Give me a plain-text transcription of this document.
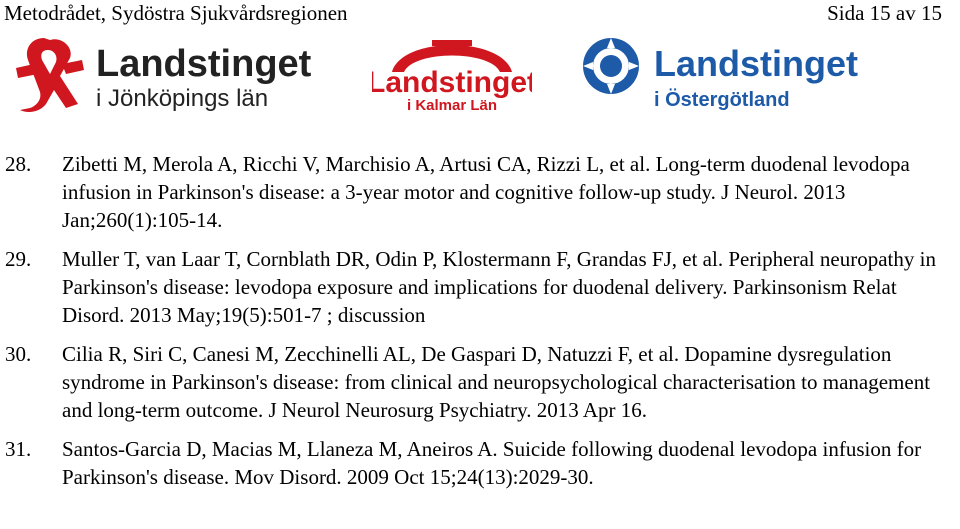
Metodrådet, Sydöstra Sjukvårdsregionen	Sida 15 av 15
Landstinget
i Jönköpings län	Landstinget
i Kalmar Län
Landstinget
i Östergötland
28. Zibetti M, Merola A, Ricchi V, Marchisio A, Artusi CA, Rizzi L, et al. Long-term duodenal levodopa infusion in Parkinson's disease: a 3-year motor and cognitive follow-up study. J Neurol. 2013 Jan;260(1):105-14.
29. Muller T, van Laar T, Cornblath DR, Odin P, Klostermann F, Grandas FJ, et al. Peripheral neuropathy in Parkinson's disease: levodopa exposure and implications for duodenal delivery. Parkinsonism Relat Disord. 2013 May;19(5):501-7 ; discussion
30. Cilia R, Siri C, Canesi M, Zecchinelli AL, De Gaspari D, Natuzzi F, et al. Dopamine dysregulation syndrome in Parkinson's disease: from clinical and neuropsychological characterisation to management and long-term outcome. J Neurol Neurosurg Psychiatry. 2013 Apr 16.
31. Santos-Garcia D, Macias M, Llaneza M, Aneiros A. Suicide following duodenal levodopa infusion for Parkinson's disease. Mov Disord. 2009 Oct 15;24(13):2029-30.
